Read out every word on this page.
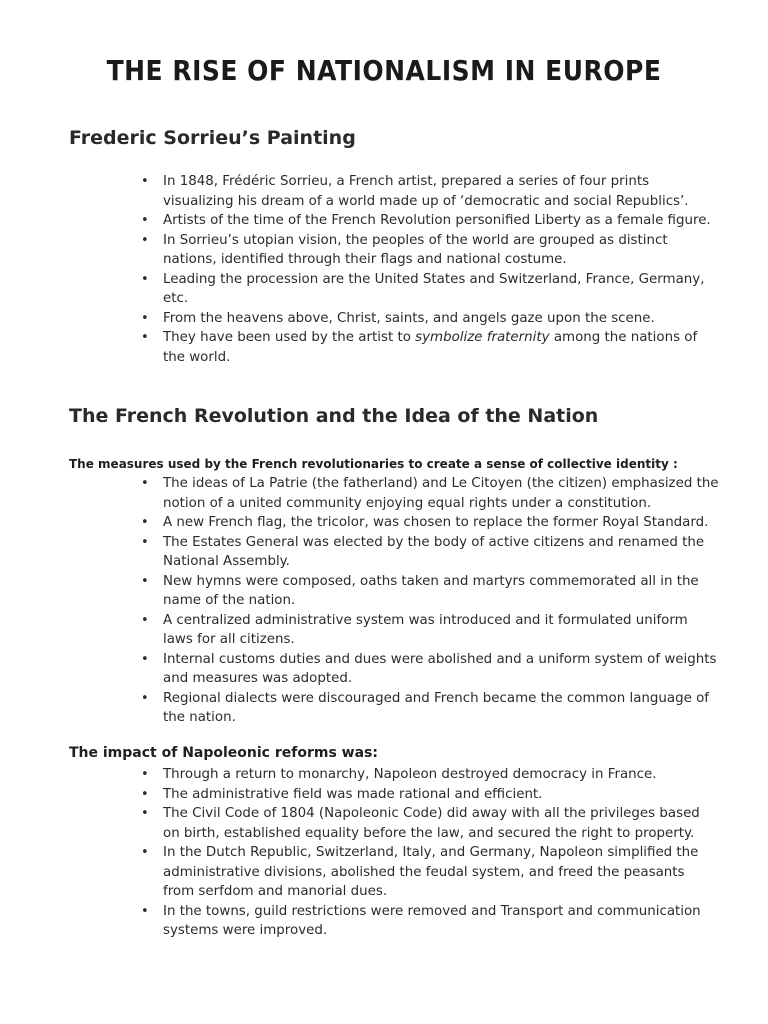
THE RISE OF NATIONALISM IN EUROPE
Frederic Sorrieu’s Painting
• In 1848, Frédéric Sorrieu, a French artist, prepared a series of four prints visualizing his dream of a world made up of ‘democratic and social Republics’.
• Artists of the time of the French Revolution personified Liberty as a female figure.
• In Sorrieu’s utopian vision, the peoples of the world are grouped as distinct nations, identified through their flags and national costume.
• Leading the procession are the United States and Switzerland, France, Germany, etc.
• From the heavens above, Christ, saints, and angels gaze upon the scene.
• They have been used by the artist to symbolize fraternity among the nations of the world.
The French Revolution and the Idea of the Nation

The measures used by the French revolutionaries to create a sense of collective identity :

• The ideas of La Patrie (the fatherland) and Le Citoyen (the citizen) emphasized the notion of a united community enjoying equal rights under a constitution.
• A new French flag, the tricolor, was chosen to replace the former Royal Standard.
• The Estates General was elected by the body of active citizens and renamed the National Assembly.
• New hymns were composed, oaths taken and martyrs commemorated all in the name of the nation.
• A centralized administrative system was introduced and it formulated uniform laws for all citizens.
• Internal customs duties and dues were abolished and a uniform system of weights and measures was adopted.
• Regional dialects were discouraged and French became the common language of the nation.

The impact of Napoleonic reforms was:

• Through a return to monarchy, Napoleon destroyed democracy in France.
• The administrative field was made rational and efficient.
• The Civil Code of 1804 (Napoleonic Code) did away with all the privileges based on birth, established equality before the law, and secured the right to property.
• In the Dutch Republic, Switzerland, Italy, and Germany, Napoleon simplified the administrative divisions, abolished the feudal system, and freed the peasants from serfdom and manorial dues.
• In the towns, guild restrictions were removed and Transport and communication systems were improved.
